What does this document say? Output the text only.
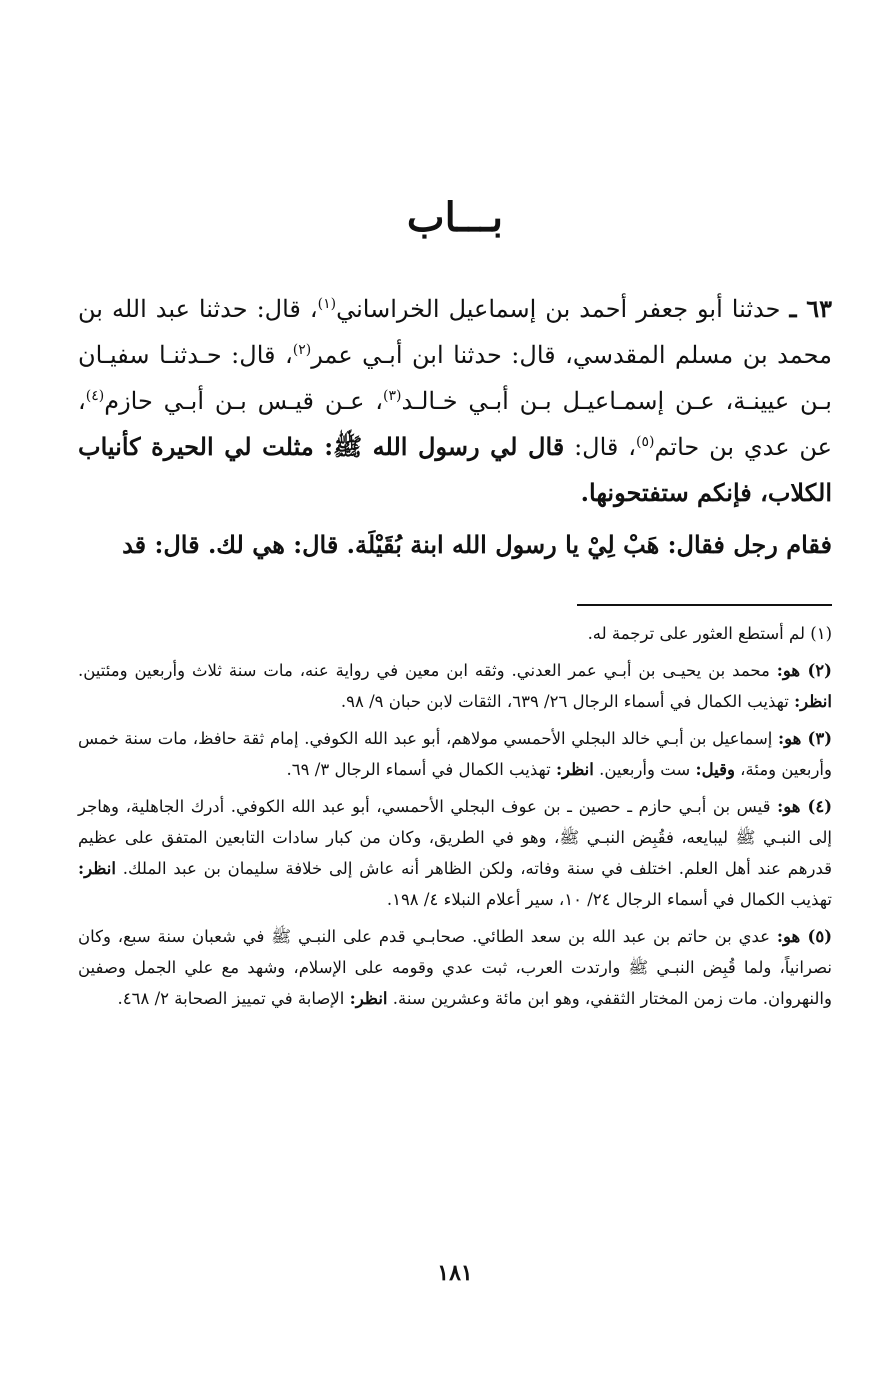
بـــاب

٦٣ ـ حدثنا أبو جعفر أحمد بن إسماعيل الخراساني$^{(١)}$، قال: حدثنا عبد الله بن محمد بن مسلم المقدسي، قال: حدثنا ابن أبـي عمر$^{(٢)}$، قال: حـدثنـا سفيـان بـن عيينـة، عـن إسمـاعيـل بـن أبـي خـالـد$^{(٣)}$، عـن قيـس بـن أبـي حازم$^{(٤)}$، عن عدي بن حاتم$^{(٥)}$، قال: قال لي رسول الله ﷺ: مثلت لي الحيرة كأنياب الكلاب، فإنكم ستفتحونها.

فقام رجل فقال: هَبْ لِيْ يا رسول الله ابنة بُقَيْلَة. قال: هي لك. قال: قد

(١) لم أستطع العثور على ترجمة له.

(٢) هو: محمد بن يحيـى بن أبـي عمر العدني. وثقه ابن معين في رواية عنه، مات سنة ثلاث وأربعين ومئتين. انظر: تهذيب الكمال في أسماء الرجال ٢٦/ ٦٣٩، الثقات لابن حبان ٩/ ٩٨.

(٣) هو: إسماعيل بن أبـي خالد البجلي الأحمسي مولاهم، أبو عبد الله الكوفي. إمام ثقة حافظ، مات سنة خمس وأربعين ومئة، وقيل: ست وأربعين. انظر: تهذيب الكمال في أسماء الرجال ٣/ ٦٩.

(٤) هو: قيس بن أبـي حازم ـ حصين ـ بن عوف البجلي الأحمسي، أبو عبد الله الكوفي. أدرك الجاهلية، وهاجر إلى النبـي ﷺ ليبايعه، فقُبِض النبـي ﷺ، وهو في الطريق، وكان من كبار سادات التابعين المتفق على عظيم قدرهم عند أهل العلم. اختلف في سنة وفاته، ولكن الظاهر أنه عاش إلى خلافة سليمان بن عبد الملك. انظر: تهذيب الكمال في أسماء الرجال ٢٤/ ١٠، سير أعلام النبلاء ٤/ ١٩٨.

(٥) هو: عدي بن حاتم بن عبد الله بن سعد الطائي. صحابـي قدم على النبـي ﷺ في شعبان سنة سبع، وكان نصرانياً، ولما قُبِض النبـي ﷺ وارتدت العرب، ثبت عدي وقومه على الإسلام، وشهد مع علي الجمل وصفين والنهروان. مات زمن المختار الثقفي، وهو ابن مائة وعشرين سنة. انظر: الإصابة في تمييز الصحابة ٢/ ٤٦٨.

١٨١
